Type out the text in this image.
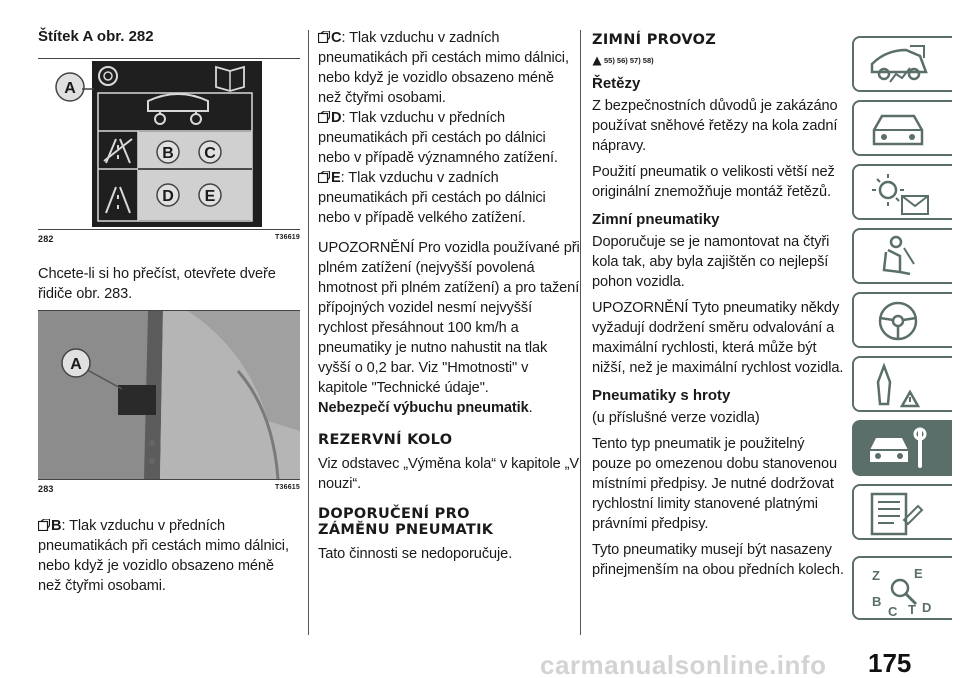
Štítek A obr. 282
A
B C
D E
282	T36619

Chcete-li si ho přečíst, otevřete dveře řidiče obr. 283.

A
283	T36615

B: Tlak vzduchu v předních pneumatikách při cestách mimo dálnici, nebo když je vozidlo obsazeno méně než čtyřmi osobami.

C: Tlak vzduchu v zadních pneumatikách při cestách mimo dálnici, nebo když je vozidlo obsazeno méně než čtyřmi osobami.

D: Tlak vzduchu v předních pneumatikách při cestách po dálnici nebo v případě významného zatížení.

E: Tlak vzduchu v zadních pneumatikách při cestách po dálnici nebo v případě velkého zatížení.

UPOZORNĚNÍ Pro vozidla používané při plném zatížení (nejvyšší povolená hmotnost při plném zatížení) a pro tažení přípojných vozidel nesmí nejvyšší rychlost přesáhnout 100 km/h a pneumatiky je nutno nahustit na tlak vyšší o 0,2 bar. Viz "Hmotnosti" v kapitole "Technické údaje".
Nebezpečí výbuchu pneumatik.

REZERVNÍ KOLO

Viz odstavec „Výměna kola“ v kapitole „V nouzi“.

DOPORUČENÍ PRO
ZÁMĚNU PNEUMATIK

Tato činnosti se nedoporučuje.

ZIMNÍ PROVOZ
55) 56) 57) 58)
Řetězy

Z bezpečnostních důvodů je zakázáno používat sněhové řetězy na kola zadní nápravy.

Použití pneumatik o velikosti větší než originální znemožňuje montáž řetězů.

Zimní pneumatiky

Doporučuje se je namontovat na čtyři kola tak, aby byla zajištěn co nejlepší pohon vozidla.

UPOZORNĚNÍ Tyto pneumatiky někdy vyžadují dodržení směru odvalování a maximální rychlosti, která může být nižší, než je maximální rychlost vozidla.

Pneumatiky s hroty

(u příslušné verze vozidla)

Tento typ pneumatik je použitelný pouze po omezenou dobu stanovenou místními předpisy. Je nutné dodržovat rychlostní limity stanovené platnými právními předpisy.

Tyto pneumatiky musejí být nasazeny přinejmenším na obou předních kolech. Z	E
B
C T D
carmanualsonline.info 175
